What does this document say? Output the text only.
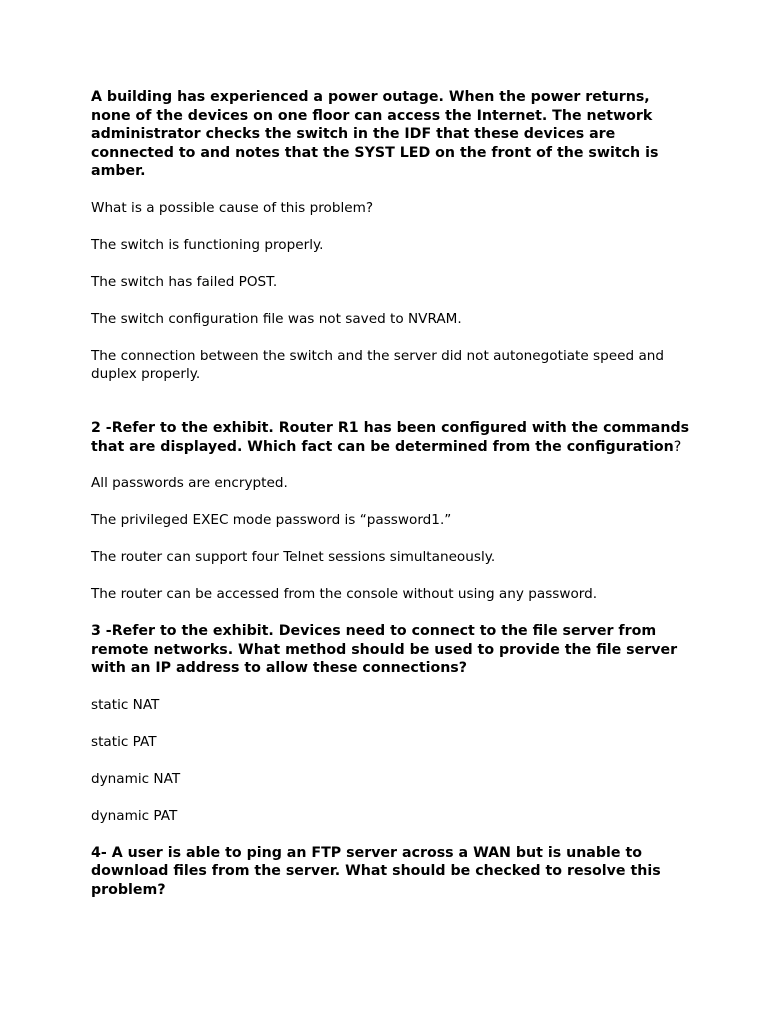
A building has experienced a power outage. When the power returns, none of the devices on one floor can access the Internet. The network administrator checks the switch in the IDF that these devices are connected to and notes that the SYST LED on the front of the switch is amber.
What is a possible cause of this problem?
The switch is functioning properly.
The switch has failed POST.
The switch configuration file was not saved to NVRAM.
The connection between the switch and the server did not autonegotiate speed and duplex properly.
2 -Refer to the exhibit. Router R1 has been configured with the commands that are displayed. Which fact can be determined from the configuration?
All passwords are encrypted.
The privileged EXEC mode password is “password1.”
The router can support four Telnet sessions simultaneously.
The router can be accessed from the console without using any password.
3 -Refer to the exhibit. Devices need to connect to the file server from remote networks. What method should be used to provide the file server with an IP address to allow these connections?
static NAT
static PAT
dynamic NAT
dynamic PAT
4- A user is able to ping an FTP server across a WAN but is unable to download files from the server. What should be checked to resolve this problem?
